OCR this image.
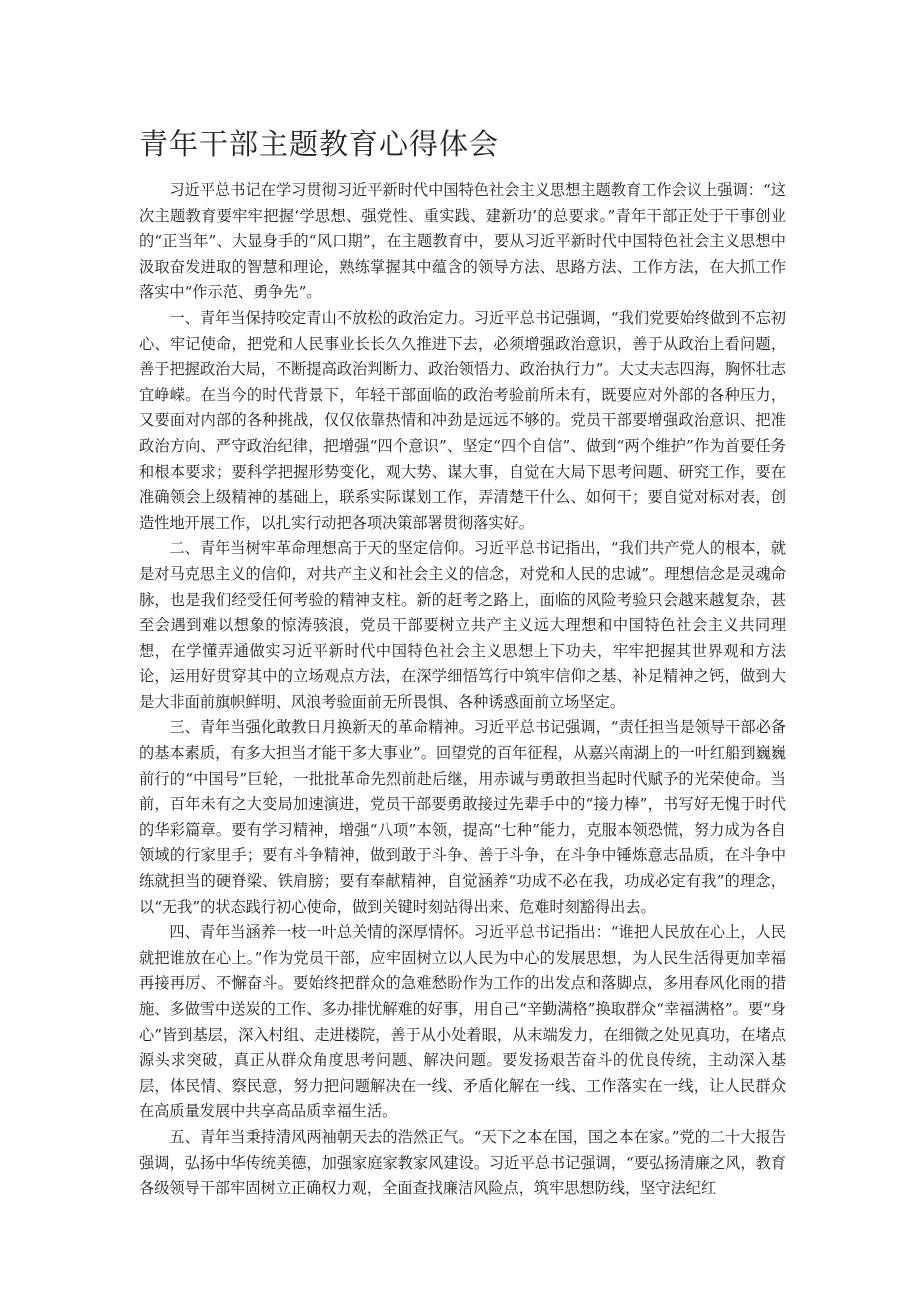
青年干部主题教育心得体会

习近平总书记在学习贯彻习近平新时代中国特色社会主义思想主题教育工作会议上强调：“这次主题教育要牢牢把握‘学思想、强党性、重实践、建新功’的总要求。”青年干部正处于干事创业的“正当年”、大显身手的“风口期”，在主题教育中，要从习近平新时代中国特色社会主义思想中汲取奋发进取的智慧和理论，熟练掌握其中蕴含的领导方法、思路方法、工作方法，在大抓工作落实中“作示范、勇争先”。

一、青年当保持咬定青山不放松的政治定力。习近平总书记强调，“我们党要始终做到不忘初心、牢记使命，把党和人民事业长长久久推进下去，必须增强政治意识，善于从政治上看问题，善于把握政治大局，不断提高政治判断力、政治领悟力、政治执行力”。大丈夫志四海，胸怀壮志宜峥嵘。在当今的时代背景下，年轻干部面临的政治考验前所未有，既要应对外部的各种压力，又要面对内部的各种挑战，仅仅依靠热情和冲劲是远远不够的。党员干部要增强政治意识、把准政治方向、严守政治纪律，把增强“四个意识”、坚定“四个自信”、做到“两个维护”作为首要任务和根本要求；要科学把握形势变化，观大势、谋大事，自觉在大局下思考问题、研究工作，要在准确领会上级精神的基础上，联系实际谋划工作，弄清楚干什么、如何干；要自觉对标对表，创造性地开展工作，以扎实行动把各项决策部署贯彻落实好。

二、青年当树牢革命理想高于天的坚定信仰。习近平总书记指出，“我们共产党人的根本，就是对马克思主义的信仰，对共产主义和社会主义的信念，对党和人民的忠诚”。理想信念是灵魂命脉，也是我们经受任何考验的精神支柱。新的赶考之路上，面临的风险考验只会越来越复杂，甚至会遇到难以想象的惊涛骇浪，党员干部要树立共产主义远大理想和中国特色社会主义共同理想，在学懂弄通做实习近平新时代中国特色社会主义思想上下功夫，牢牢把握其世界观和方法论，运用好贯穿其中的立场观点方法，在深学细悟笃行中筑牢信仰之基、补足精神之钙，做到大是大非面前旗帜鲜明、风浪考验面前无所畏惧、各种诱惑面前立场坚定。

三、青年当强化敢教日月换新天的革命精神。习近平总书记强调，“责任担当是领导干部必备的基本素质，有多大担当才能干多大事业”。回望党的百年征程，从嘉兴南湖上的一叶红船到巍巍前行的“中国号”巨轮，一批批革命先烈前赴后继，用赤诚与勇敢担当起时代赋予的光荣使命。当前，百年未有之大变局加速演进，党员干部要勇敢接过先辈手中的“接力棒”，书写好无愧于时代的华彩篇章。要有学习精神，增强“八项”本领，提高“七种”能力，克服本领恐慌，努力成为各自领域的行家里手；要有斗争精神，做到敢于斗争、善于斗争，在斗争中锤炼意志品质，在斗争中练就担当的硬脊梁、铁肩膀；要有奉献精神，自觉涵养“功成不必在我，功成必定有我”的理念，以“无我”的状态践行初心使命，做到关键时刻站得出来、危难时刻豁得出去。

四、青年当涵养一枝一叶总关情的深厚情怀。习近平总书记指出：“谁把人民放在心上，人民就把谁放在心上。”作为党员干部，应牢固树立以人民为中心的发展思想，为人民生活得更加幸福再接再厉、不懈奋斗。要始终把群众的急难愁盼作为工作的出发点和落脚点，多用春风化雨的措施、多做雪中送炭的工作、多办排忧解难的好事，用自己“辛勤满格”换取群众“幸福满格”。要“身心”皆到基层，深入村组、走进楼院，善于从小处着眼，从末端发力，在细微之处见真功，在堵点源头求突破，真正从群众角度思考问题、解决问题。要发扬艰苦奋斗的优良传统，主动深入基层，体民情、察民意，努力把问题解决在一线、矛盾化解在一线、工作落实在一线，让人民群众在高质量发展中共享高品质幸福生活。

五、青年当秉持清风两袖朝天去的浩然正气。“天下之本在国，国之本在家。”党的二十大报告强调，弘扬中华传统美德，加强家庭家教家风建设。习近平总书记强调，“要弘扬清廉之风，教育各级领导干部牢固树立正确权力观，全面查找廉洁风险点，筑牢思想防线，坚守法纪红
